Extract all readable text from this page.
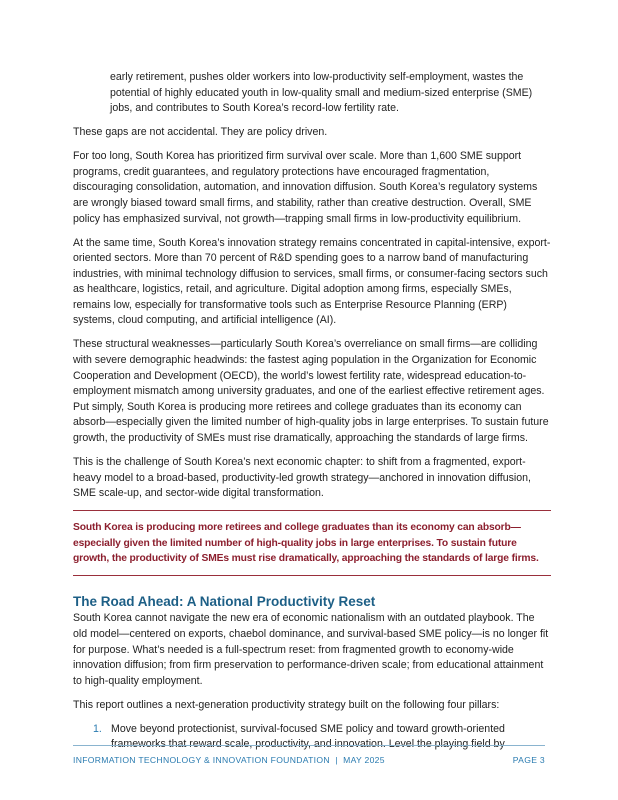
early retirement, pushes older workers into low-productivity self-employment, wastes the potential of highly educated youth in low-quality small and medium-sized enterprise (SME) jobs, and contributes to South Korea’s record-low fertility rate.

These gaps are not accidental. They are policy driven.

For too long, South Korea has prioritized firm survival over scale. More than 1,600 SME support programs, credit guarantees, and regulatory protections have encouraged fragmentation, discouraging consolidation, automation, and innovation diffusion. South Korea’s regulatory systems are wrongly biased toward small firms, and stability, rather than creative destruction. Overall, SME policy has emphasized survival, not growth—trapping small firms in low-productivity equilibrium.

At the same time, South Korea’s innovation strategy remains concentrated in capital-intensive, export-oriented sectors. More than 70 percent of R&D spending goes to a narrow band of manufacturing industries, with minimal technology diffusion to services, small firms, or consumer-facing sectors such as healthcare, logistics, retail, and agriculture. Digital adoption among firms, especially SMEs, remains low, especially for transformative tools such as Enterprise Resource Planning (ERP) systems, cloud computing, and artificial intelligence (AI).

These structural weaknesses—particularly South Korea’s overreliance on small firms—are colliding with severe demographic headwinds: the fastest aging population in the Organization for Economic Cooperation and Development (OECD), the world’s lowest fertility rate, widespread education-to-employment mismatch among university graduates, and one of the earliest effective retirement ages. Put simply, South Korea is producing more retirees and college graduates than its economy can absorb—especially given the limited number of high-quality jobs in large enterprises. To sustain future growth, the productivity of SMEs must rise dramatically, approaching the standards of large firms.

This is the challenge of South Korea’s next economic chapter: to shift from a fragmented, export-heavy model to a broad-based, productivity-led growth strategy—anchored in innovation diffusion, SME scale-up, and sector-wide digital transformation.

South Korea is producing more retirees and college graduates than its economy can absorb—especially given the limited number of high-quality jobs in large enterprises. To sustain future growth, the productivity of SMEs must rise dramatically, approaching the standards of large firms.
The Road Ahead: A National Productivity Reset

South Korea cannot navigate the new era of economic nationalism with an outdated playbook. The old model—centered on exports, chaebol dominance, and survival-based SME policy—is no longer fit for purpose. What’s needed is a full-spectrum reset: from fragmented growth to economy-wide innovation diffusion; from firm preservation to performance-driven scale; from educational attainment to high-quality employment.

This report outlines a next-generation productivity strategy built on the following four pillars:

1. Move beyond protectionist, survival-focused SME policy and toward growth-oriented frameworks that reward scale, productivity, and innovation. Level the playing field by
INFORMATION TECHNOLOGY & INNOVATION FOUNDATION  |  MAY 2025	PAGE 3
